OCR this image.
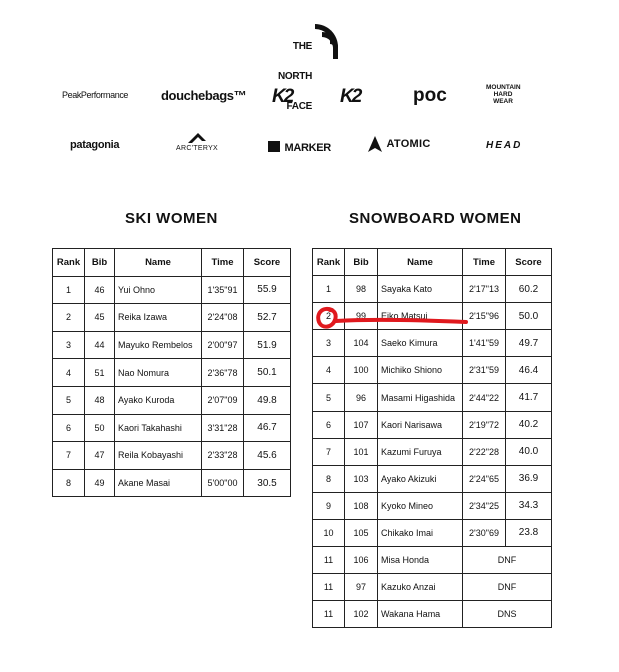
THE

NORTH

FACE

PeakPerformance	douchebags™ K2	K2	poc	MOUNTAIN HARD WEAR
patagonia	ARC'TERYX	MARKER	ATOMIC	HEAD
SKI WOMEN	SNOWBOARD WOMEN
Rank	Bib	Name	Time	Score
1	46	Yui Ohno	1'35"91	55.9
2	45	Reika Izawa	2'24"08	52.7
3	44	Mayuko Rembelos	2'00"97	51.9
4	51	Nao Nomura	2'36"78	50.1
5	48	Ayako Kuroda	2'07"09	49.8
6	50	Kaori Takahashi	3'31"28	46.7
7	47	Reila Kobayashi	2'33"28	45.6
8	49	Akane Masai	5'00"00	30.5
Rank	Bib	Name	Time	Score
1	98	Sayaka Kato	2'17"13	60.2
2	99	Eiko Matsui	2'15"96	50.0
3	104	Saeko Kimura	1'41"59	49.7
4	100	Michiko Shiono	2'31"59	46.4
5	96	Masami Higashida	2'44"22	41.7
6	107	Kaori Narisawa	2'19"72	40.2
7	101	Kazumi Furuya	2'22"28	40.0
8	103	Ayako Akizuki	2'24"65	36.9
9	108	Kyoko Mineo	2'34"25	34.3
10	105	Chikako Imai	2'30"69	23.8
11	106	Misa Honda	DNF	
11	97	Kazuko Anzai	DNF	
11	102	Wakana Hama	DNS	
